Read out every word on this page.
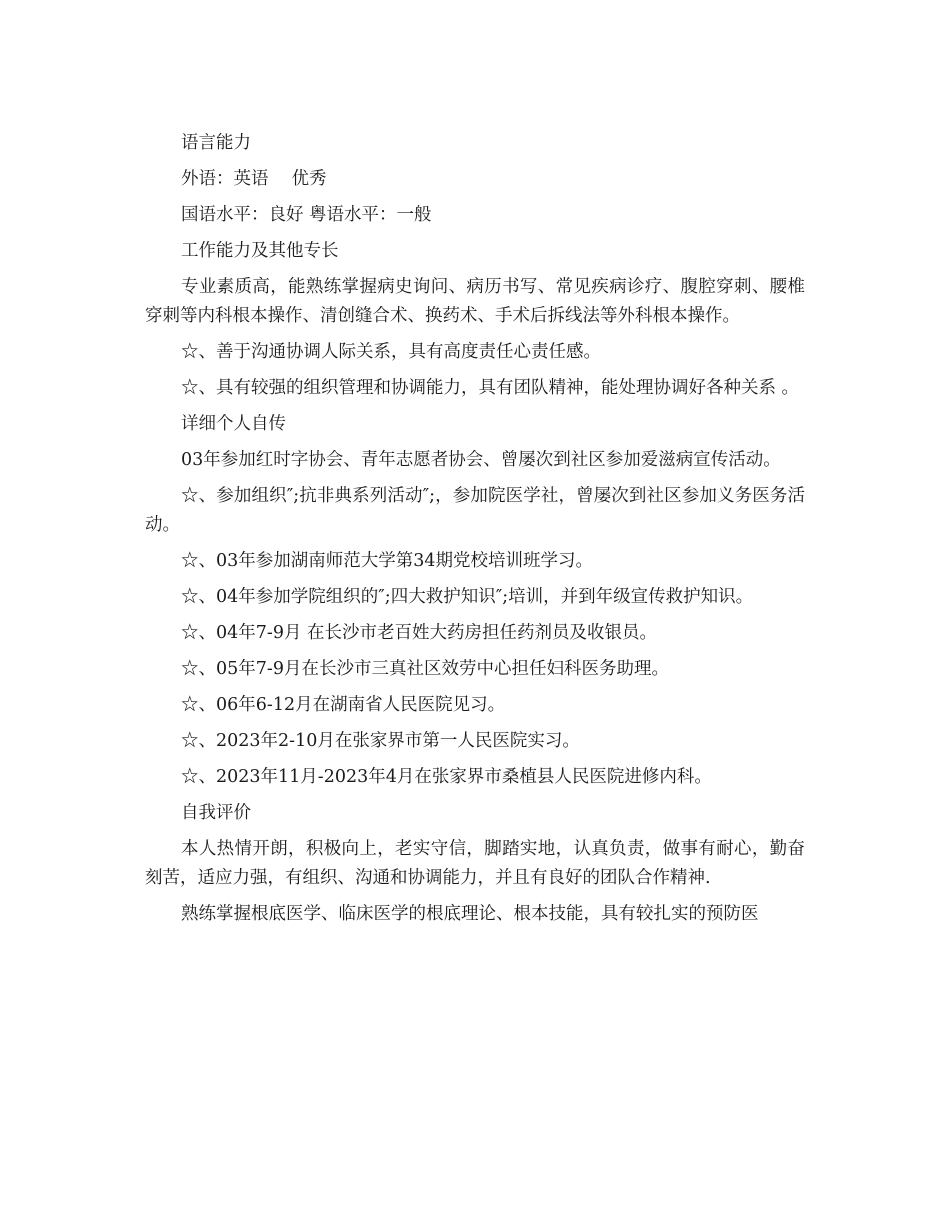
语言能力

外语：英语　 优秀

国语水平：良好 粤语水平：一般

工作能力及其他专长

专业素质高，能熟练掌握病史询问、病历书写、常见疾病诊疗、腹腔穿刺、腰椎穿刺等内科根本操作、清创缝合术、换药术、手术后拆线法等外科根本操作。

☆、善于沟通协调人际关系，具有高度责任心责任感。

☆、具有较强的组织管理和协调能力，具有团队精神，能处理协调好各种关系 。

详细个人自传

03年参加红时字协会、青年志愿者协会、曾屡次到社区参加爱滋病宣传活动。

☆、参加组织″;抗非典系列活动″;，参加院医学社，曾屡次到社区参加义务医务活动。

☆、03年参加湖南师范大学第34期党校培训班学习。

☆、04年参加学院组织的″;四大救护知识″;培训，并到年级宣传救护知识。

☆、04年7-9月 在长沙市老百姓大药房担任药剂员及收银员。

☆、05年7-9月在长沙市三真社区效劳中心担任妇科医务助理。

☆、06年6-12月在湖南省人民医院见习。

☆、2023年2-10月在张家界市第一人民医院实习。

☆、2023年11月-2023年4月在张家界市桑植县人民医院进修内科。

自我评价

本人热情开朗，积极向上，老实守信，脚踏实地，认真负责，做事有耐心，勤奋刻苦，适应力强，有组织、沟通和协调能力，并且有良好的团队合作精神.

熟练掌握根底医学、临床医学的根底理论、根本技能，具有较扎实的预防医
